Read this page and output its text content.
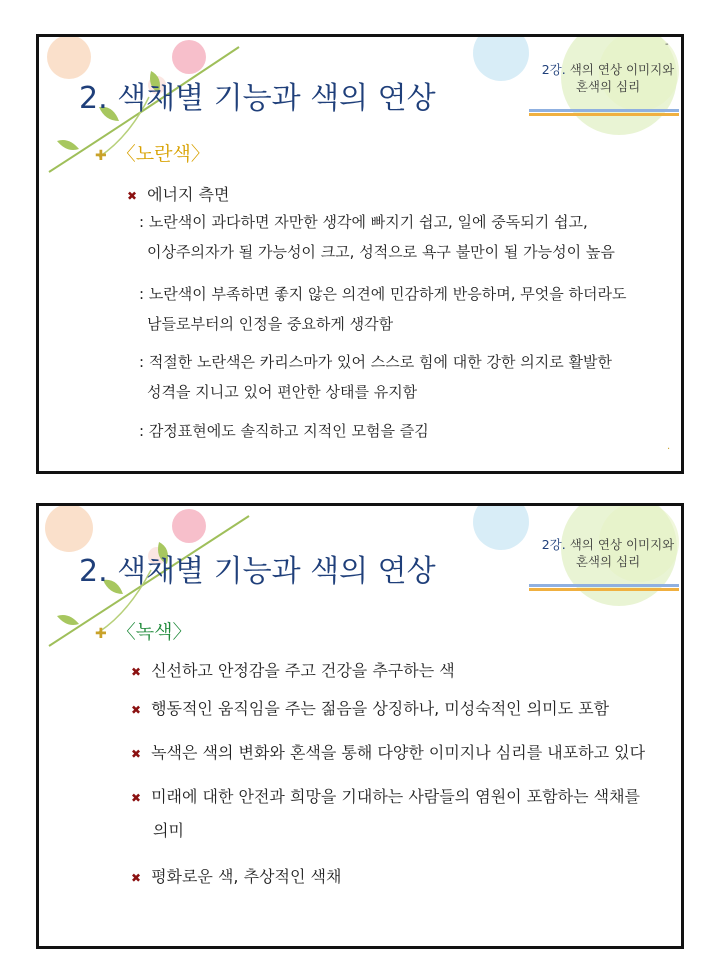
-
.
2. 색채별 기능과 색의 연상
2강. 색의 연상 이미지와
혼색의 심리
✚ 〈노란색〉
✖ 에너지 측면
: 노란색이 과다하면 자만한 생각에 빠지기 쉽고, 일에 중독되기 쉽고,
이상주의자가 될 가능성이 크고, 성적으로 욕구 불만이 될 가능성이 높음
: 노란색이 부족하면 좋지 않은 의견에 민감하게 반응하며, 무엇을 하더라도
남들로부터의 인정을 중요하게 생각함
: 적절한 노란색은 카리스마가 있어 스스로 힘에 대한 강한 의지로 활발한
성격을 지니고 있어 편안한 상태를 유지함
: 감정표현에도 솔직하고 지적인 모험을 즐김
2. 색채별 기능과 색의 연상
2강. 색의 연상 이미지와
혼색의 심리
✚ 〈녹색〉
✖ 신선하고 안정감을 주고 건강을 추구하는 색
✖ 행동적인 움직임을 주는 젊음을 상징하나, 미성숙적인 의미도 포함
✖ 녹색은 색의 변화와 혼색을 통해 다양한 이미지나 심리를 내포하고 있다
✖ 미래에 대한 안전과 희망을 기대하는 사람들의 염원이 포함하는 색채를
의미
✖ 평화로운 색, 추상적인 색채
